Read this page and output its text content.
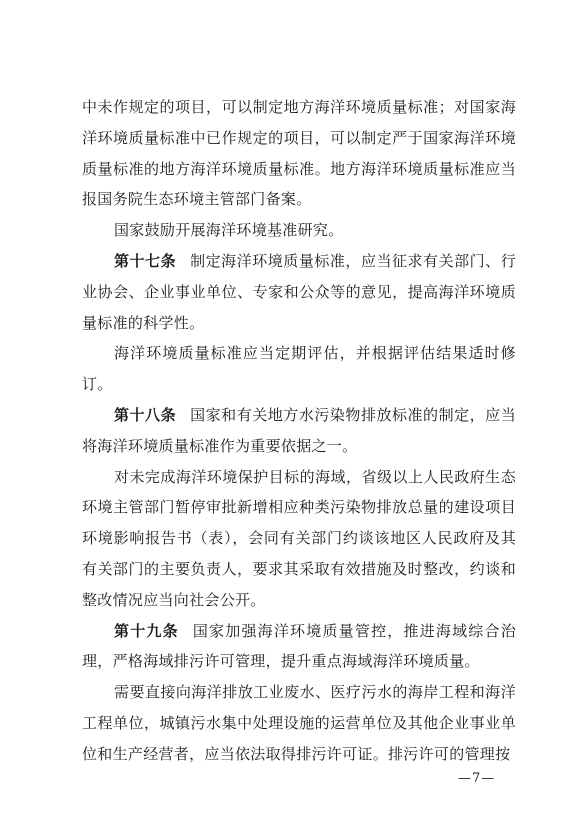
中未作规定的项目，可以制定地方海洋环境质量标准；对国家海洋环境质量标准中已作规定的项目，可以制定严于国家海洋环境质量标准的地方海洋环境质量标准。地方海洋环境质量标准应当报国务院生态环境主管部门备案。

国家鼓励开展海洋环境基准研究。

第十七条 制定海洋环境质量标准，应当征求有关部门、行业协会、企业事业单位、专家和公众等的意见，提高海洋环境质量标准的科学性。

海洋环境质量标准应当定期评估，并根据评估结果适时修订。

第十八条 国家和有关地方水污染物排放标准的制定，应当将海洋环境质量标准作为重要依据之一。

对未完成海洋环境保护目标的海域，省级以上人民政府生态环境主管部门暂停审批新增相应种类污染物排放总量的建设项目环境影响报告书（表），会同有关部门约谈该地区人民政府及其有关部门的主要负责人，要求其采取有效措施及时整改，约谈和整改情况应当向社会公开。

第十九条 国家加强海洋环境质量管控，推进海域综合治理，严格海域排污许可管理，提升重点海域海洋环境质量。

需要直接向海洋排放工业废水、医疗污水的海岸工程和海洋工程单位，城镇污水集中处理设施的运营单位及其他企业事业单位和生产经营者，应当依法取得排污许可证。排污许可的管理按

—7—
